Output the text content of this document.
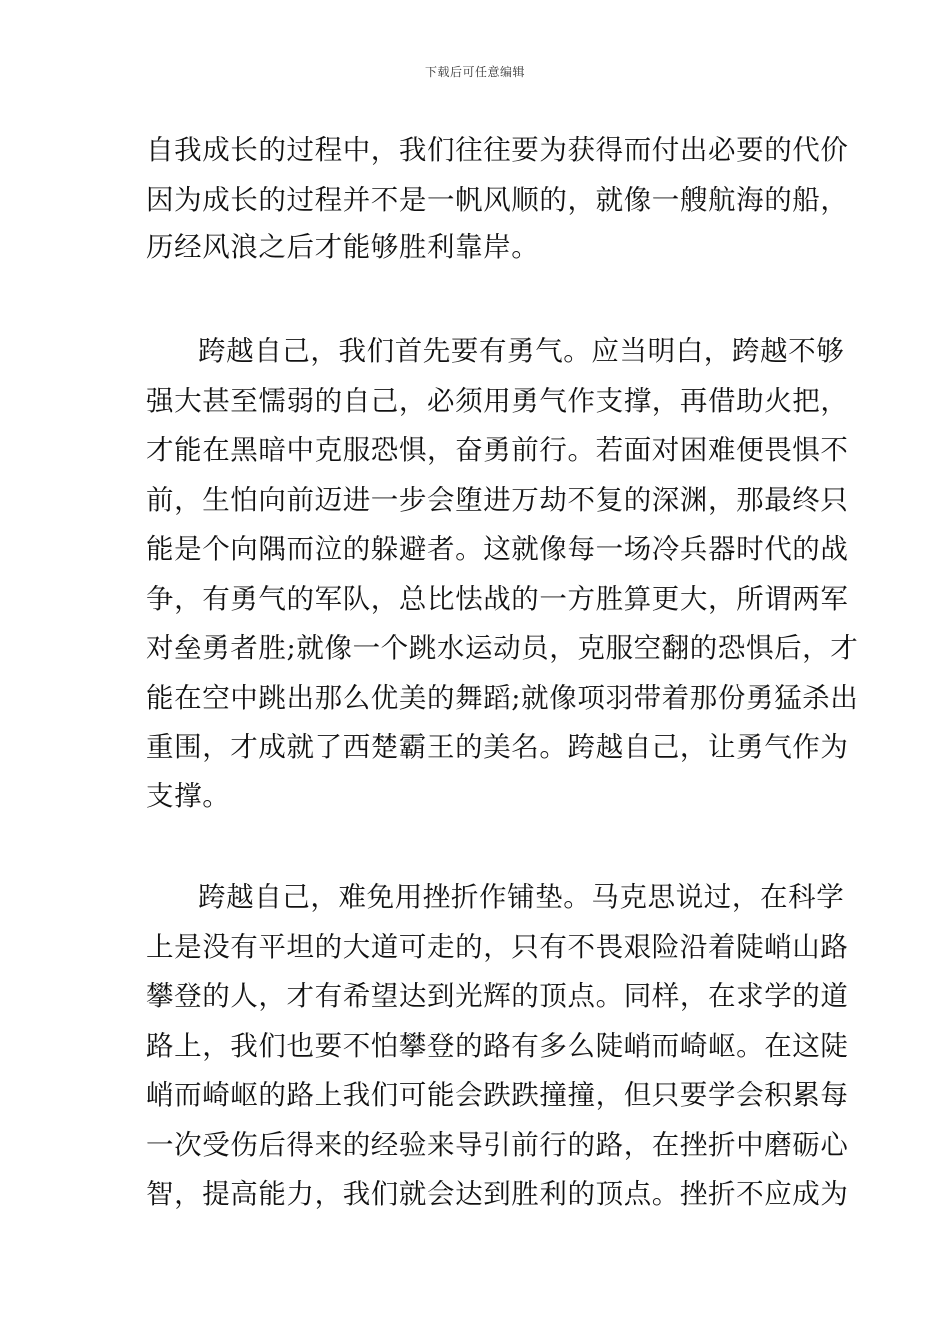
下载后可任意编辑
自我成长的过程中，我们往往要为获得而付出必要的代价
因为成长的过程并不是一帆风顺的，就像一艘航海的船，
历经风浪之后才能够胜利靠岸。
跨越自己，我们首先要有勇气。应当明白，跨越不够
强大甚至懦弱的自己，必须用勇气作支撑，再借助火把，
才能在黑暗中克服恐惧，奋勇前行。若面对困难便畏惧不
前，生怕向前迈进一步会堕进万劫不复的深渊，那最终只
能是个向隅而泣的躲避者。这就像每一场冷兵器时代的战
争，有勇气的军队，总比怯战的一方胜算更大，所谓两军
对垒勇者胜;就像一个跳水运动员，克服空翻的恐惧后，才
能在空中跳出那么优美的舞蹈;就像项羽带着那份勇猛杀出
重围，才成就了西楚霸王的美名。跨越自己，让勇气作为
支撑。
跨越自己，难免用挫折作铺垫。马克思说过，在科学
上是没有平坦的大道可走的，只有不畏艰险沿着陡峭山路
攀登的人，才有希望达到光辉的顶点。同样，在求学的道
路上，我们也要不怕攀登的路有多么陡峭而崎岖。在这陡
峭而崎岖的路上我们可能会跌跌撞撞，但只要学会积累每
一次受伤后得来的经验来导引前行的路，在挫折中磨砺心
智，提高能力，我们就会达到胜利的顶点。挫折不应成为
